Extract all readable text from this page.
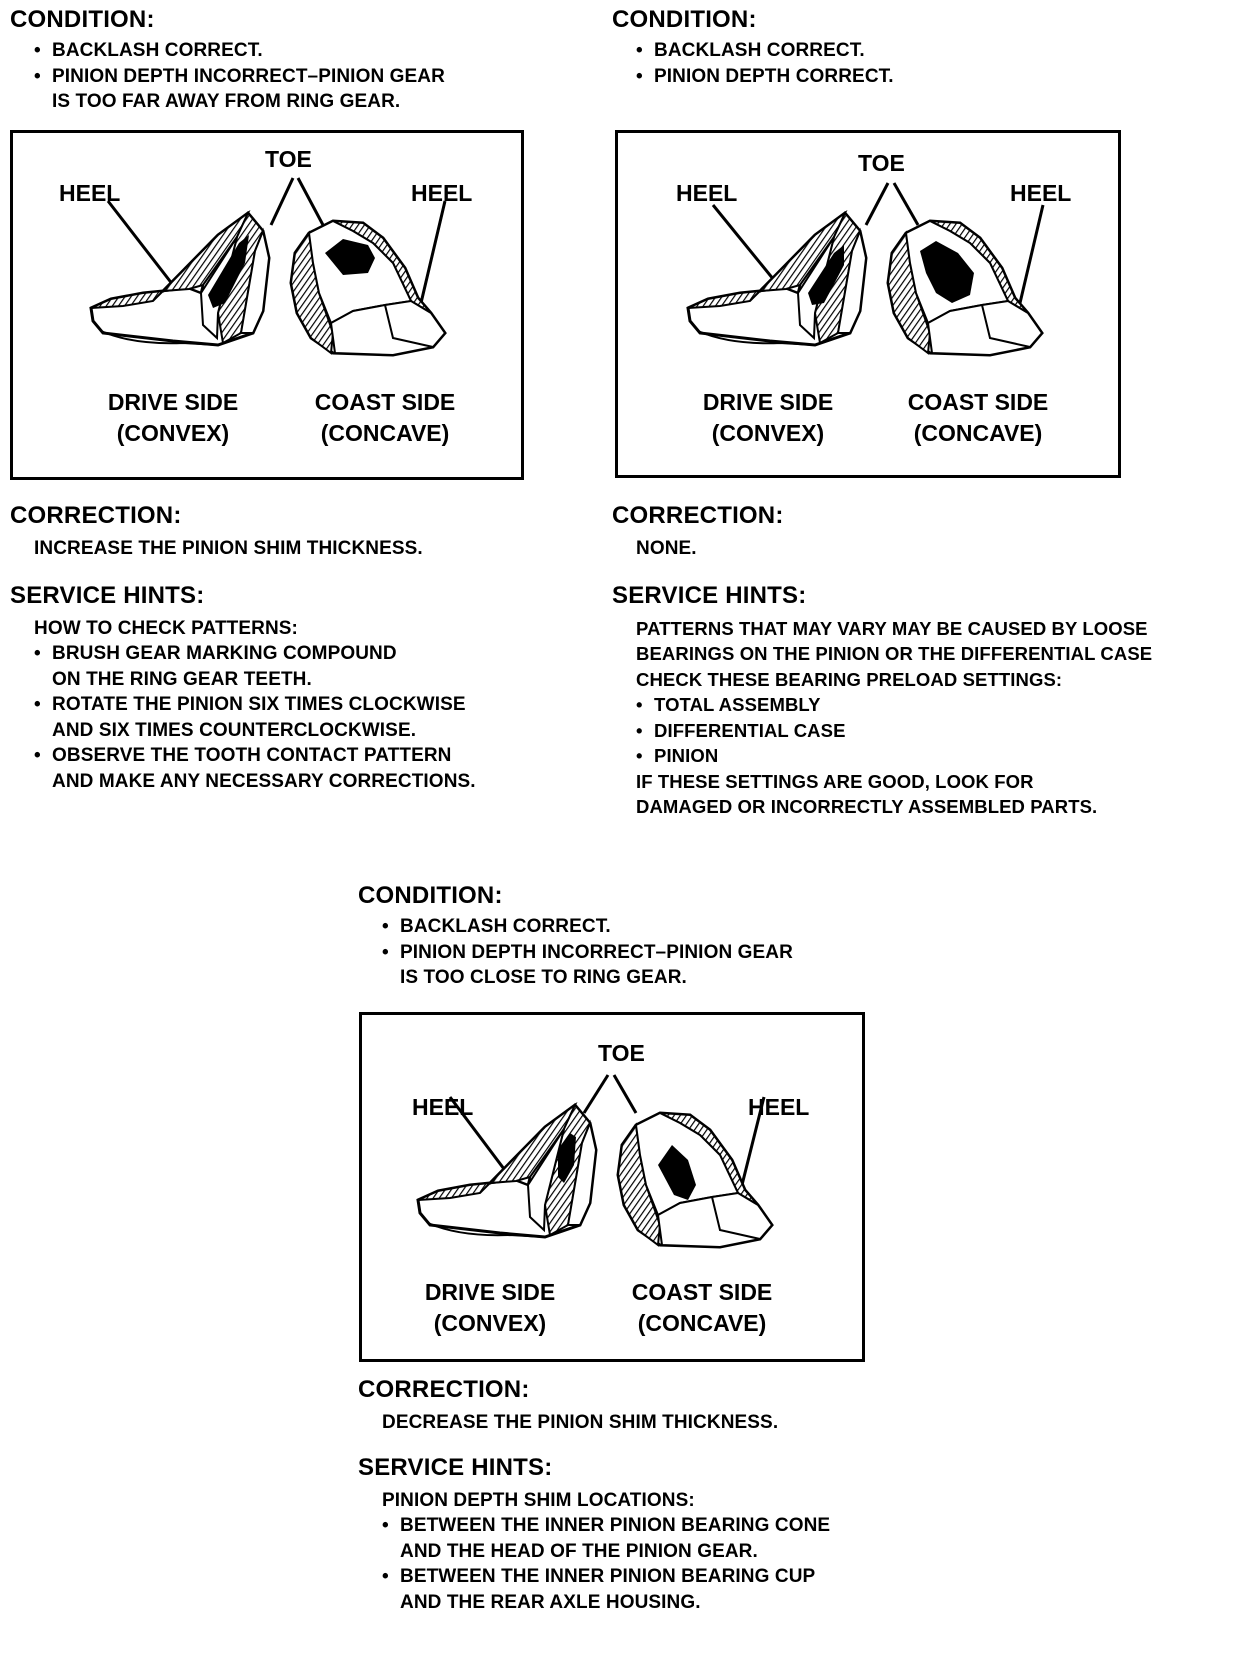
CONDITION:
• BACKLASH CORRECT.
• PINION DEPTH INCORRECT–PINION GEAR
IS TOO FAR AWAY FROM RING GEAR.
TOE
HEEL	HEEL
DRIVE SIDE
(CONVEX)
COAST SIDE
(CONCAVE)
CORRECTION:
INCREASE THE PINION SHIM THICKNESS.
SERVICE HINTS:
HOW TO CHECK PATTERNS:
• BRUSH GEAR MARKING COMPOUND
ON THE RING GEAR TEETH.
• ROTATE THE PINION SIX TIMES CLOCKWISE
AND SIX TIMES COUNTERCLOCKWISE.
• OBSERVE THE TOOTH CONTACT PATTERN
AND MAKE ANY NECESSARY CORRECTIONS.
CONDITION:
• BACKLASH CORRECT.
• PINION DEPTH CORRECT.
TOE
HEEL	HEEL
DRIVE SIDE
(CONVEX)
COAST SIDE
(CONCAVE)
CORRECTION:
NONE.
SERVICE HINTS:
PATTERNS THAT MAY VARY MAY BE CAUSED BY LOOSE
BEARINGS ON THE PINION OR THE DIFFERENTIAL CASE
CHECK THESE BEARING PRELOAD SETTINGS:
• TOTAL ASSEMBLY
• DIFFERENTIAL CASE
• PINION
IF THESE SETTINGS ARE GOOD, LOOK FOR
DAMAGED OR INCORRECTLY ASSEMBLED PARTS.
CONDITION:
• BACKLASH CORRECT.
• PINION DEPTH INCORRECT–PINION GEAR
IS TOO CLOSE TO RING GEAR.
TOE
HEEL	HEEL
DRIVE SIDE
(CONVEX)
COAST SIDE
(CONCAVE)
CORRECTION:
DECREASE THE PINION SHIM THICKNESS.
SERVICE HINTS:
PINION DEPTH SHIM LOCATIONS:
• BETWEEN THE INNER PINION BEARING CONE
AND THE HEAD OF THE PINION GEAR.
• BETWEEN THE INNER PINION BEARING CUP
AND THE REAR AXLE HOUSING.
